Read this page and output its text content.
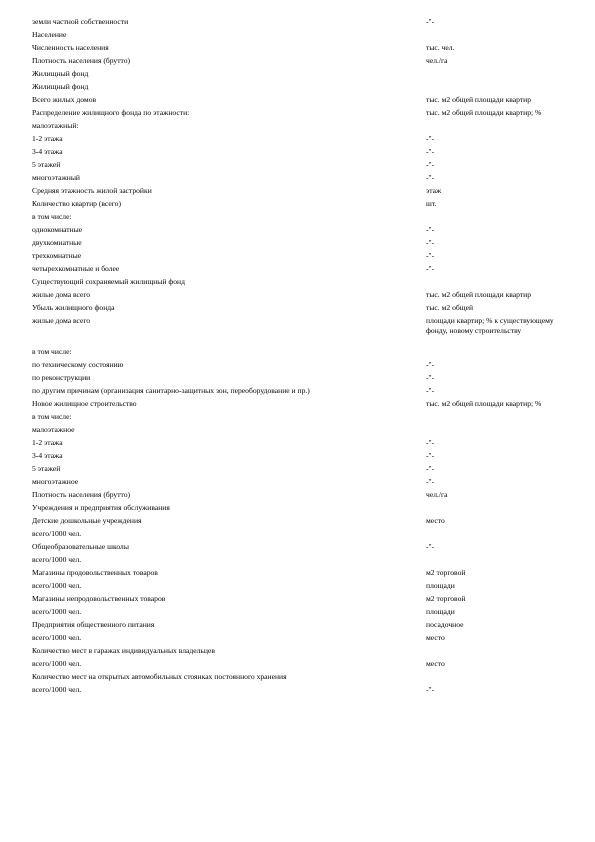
земли частной собственности	-"-
Население
Численность населения	тыс. чел.
Плотность населения (брутто)	чел./га
Жилищный фонд
Жилищный фонд
Всего жилых домов	тыс. м2 общей площади квартир
Распределение жилищного фонда по этажности:	тыс. м2 общей площади квартир; %
малоэтажный:
1-2 этажа	-"-
3-4 этажа	-"-
5 этажей	-"-
многоэтажный	-"-
Средняя этажность жилой застройки	этаж
Количество квартир (всего)	шт.
в том числе:
однокомнатные	-"-
двухкомнатные	-"-
трехкомнатные	-"-
четырехкомнатные и более	-"-
Существующий сохраняемый жилищный фонд
жилые дома всего	тыс. м2 общей площади квартир
Убыль жилищного фонда	тыс. м2 общей
жилые дома всего	площади квартир; % к существующему фонду, новому строительству
в том числе:
по техническому состоянию	-"-
по реконструкции	-"-
по другим причинам (организация санитарно-защитных зон, переоборудование и пр.)	-"-
Новое жилищное строительство	тыс. м2 общей площади квартир; %
в том числе:
малоэтажное
1-2 этажа	-"-
3-4 этажа	-"-
5 этажей	-"-
многоэтажное	-"-
Плотность населения (брутто)	чел./га
Учреждения и предприятия обслуживания
Детские дошкольные учреждения	место
всего/1000 чел.
Общеобразовательные школы	-"-
всего/1000 чел.
Магазины продовольственных товаров	м2 торговой
всего/1000 чел.	площади
Магазины непродовольственных товаров	м2 торговой
всего/1000 чел.	площади
Предприятия общественного питания	посадочное
всего/1000 чел.	место
Количество мест в гаражах индивидуальных владельцев
всего/1000 чел.	место
Количество мест на открытых автомобильных стоянках постоянного хранения
всего/1000 чел.	-"-
